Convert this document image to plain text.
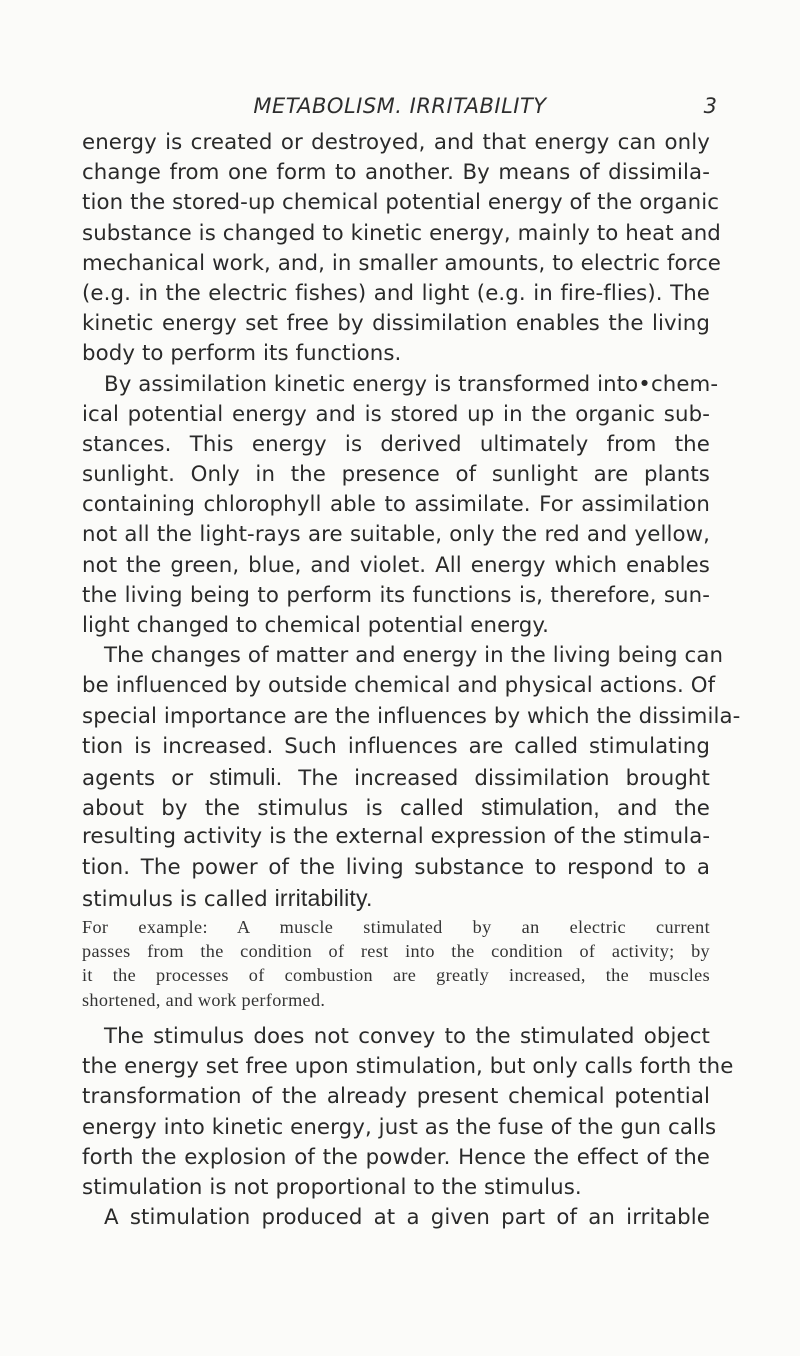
METABOLISM. IRRITABILITY	3
energy is created or destroyed, and that energy can only
change from one form to another. By means of dissimila-
tion the stored-up chemical potential energy of the organic
substance is changed to kinetic energy, mainly to heat and
mechanical work, and, in smaller amounts, to electric force
(e.g. in the electric fishes) and light (e.g. in fire-flies). The
kinetic energy set free by dissimilation enables the living
body to perform its functions.
By assimilation kinetic energy is transformed into•chem-
ical potential energy and is stored up in the organic sub-
stances. This energy is derived ultimately from the
sunlight. Only in the presence of sunlight are plants
containing chlorophyll able to assimilate. For assimilation
not all the light-rays are suitable, only the red and yellow,
not the green, blue, and violet. All energy which enables
the living being to perform its functions is, therefore, sun-
light changed to chemical potential energy.
The changes of matter and energy in the living being can
be influenced by outside chemical and physical actions. Of
special importance are the influences by which the dissimila-
tion is increased. Such influences are called stimulating
agents or stimuli. The increased dissimilation brought
about by the stimulus is called stimulation, and the
resulting activity is the external expression of the stimula-
tion. The power of the living substance to respond to a
stimulus is called irritability.
For example: A muscle stimulated by an electric current
passes from the condition of rest into the condition of activity; by
it the processes of combustion are greatly increased, the muscles
shortened, and work performed.
The stimulus does not convey to the stimulated object
the energy set free upon stimulation, but only calls forth the
transformation of the already present chemical potential
energy into kinetic energy, just as the fuse of the gun calls
forth the explosion of the powder. Hence the effect of the
stimulation is not proportional to the stimulus.
A stimulation produced at a given part of an irritable
